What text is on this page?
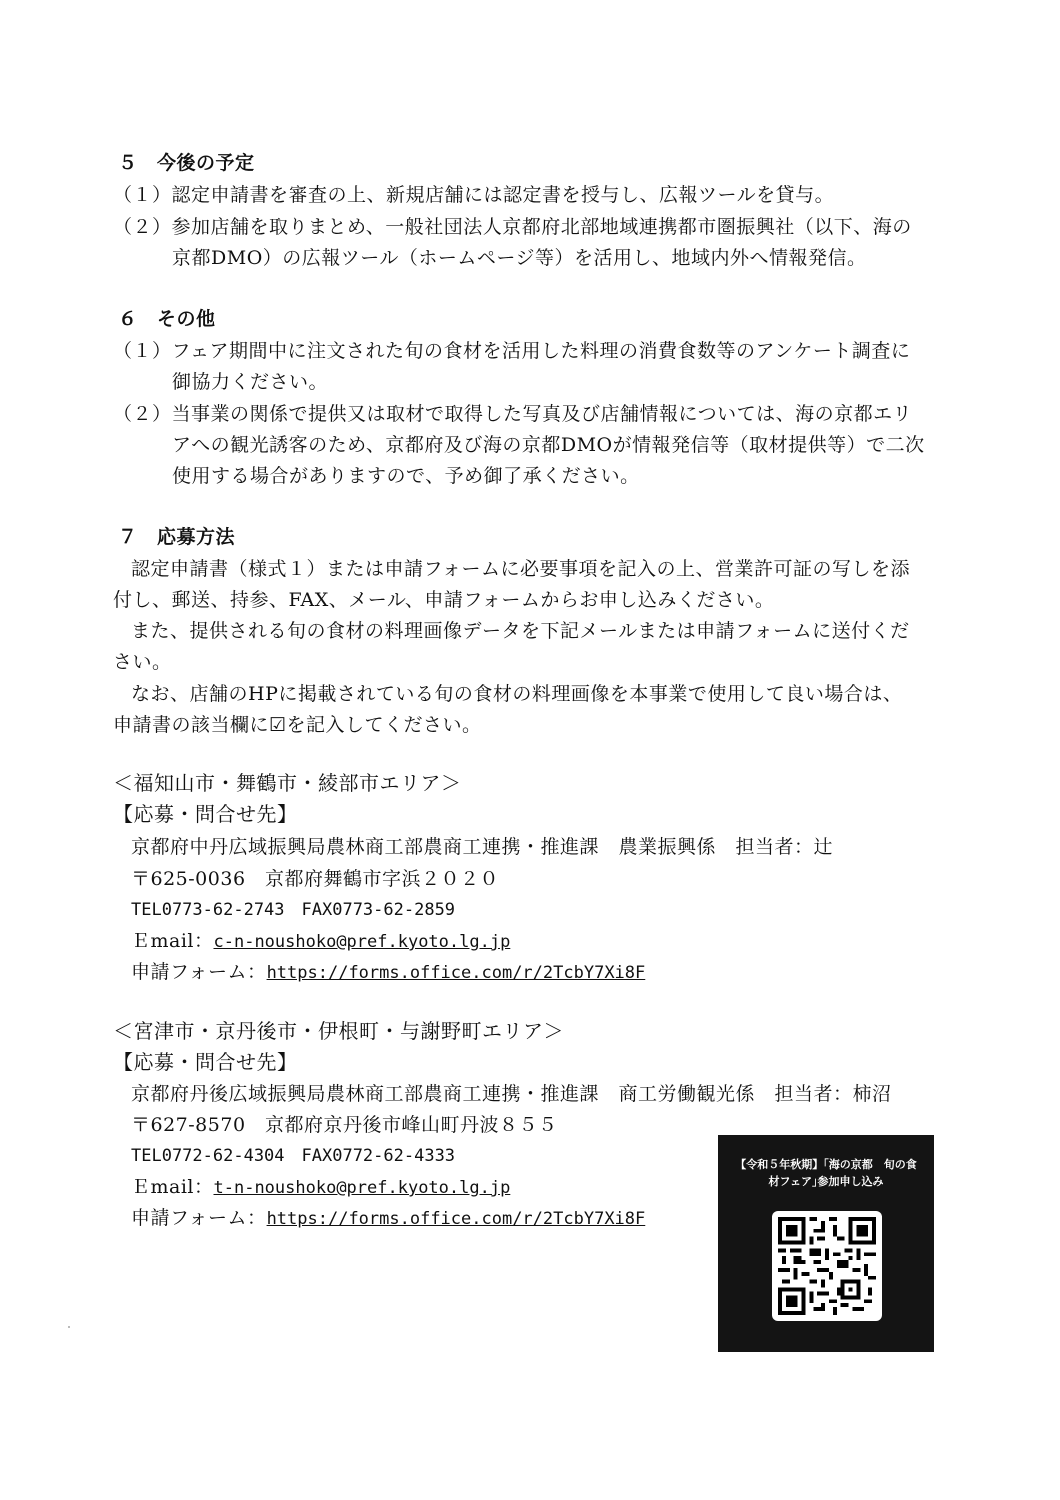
５　今後の予定
（１）認定申請書を審査の上、新規店舗には認定書を授与し、広報ツールを貸与。
（２）参加店舗を取りまとめ、一般社団法人京都府北部地域連携都市圏振興社（以下、海の
京都DMO）の広報ツール（ホームページ等）を活用し、地域内外へ情報発信。
６　その他
（１）フェア期間中に注文された旬の食材を活用した料理の消費食数等のアンケート調査に
御協力ください。
（２）当事業の関係で提供又は取材で取得した写真及び店舗情報については、海の京都エリ
アへの観光誘客のため、京都府及び海の京都DMOが情報発信等（取材提供等）で二次
使用する場合がありますので、予め御了承ください。
７　応募方法
認定申請書（様式１）または申請フォームに必要事項を記入の上、営業許可証の写しを添
付し、郵送、持参、FAX、メール、申請フォームからお申し込みください。
また、提供される旬の食材の料理画像データを下記メールまたは申請フォームに送付くだ
さい。
なお、店舗のHPに掲載されている旬の食材の料理画像を本事業で使用して良い場合は、
申請書の該当欄に☑を記入してください。
＜福知山市・舞鶴市・綾部市エリア＞
【応募・問合せ先】
京都府中丹広域振興局農林商工部農商工連携・推進課　農業振興係　担当者：辻
〒625-0036　京都府舞鶴市字浜２０２０
TEL0773-62-2743　FAX0773-62-2859
Ｅmail：c-n-noushoko@pref.kyoto.lg.jp
申請フォーム：https://forms.office.com/r/2TcbY7Xi8F
＜宮津市・京丹後市・伊根町・与謝野町エリア＞
【応募・問合せ先】
京都府丹後広域振興局農林商工部農商工連携・推進課　商工労働観光係　担当者：柿沼
〒627-8570　京都府京丹後市峰山町丹波８５５
TEL0772-62-4304　FAX0772-62-4333
Ｅmail：t-n-noushoko@pref.kyoto.lg.jp
申請フォーム：https://forms.office.com/r/2TcbY7Xi8F
【令和５年秋期】｢海の京都　旬の食
材フェア｣参加申し込み
